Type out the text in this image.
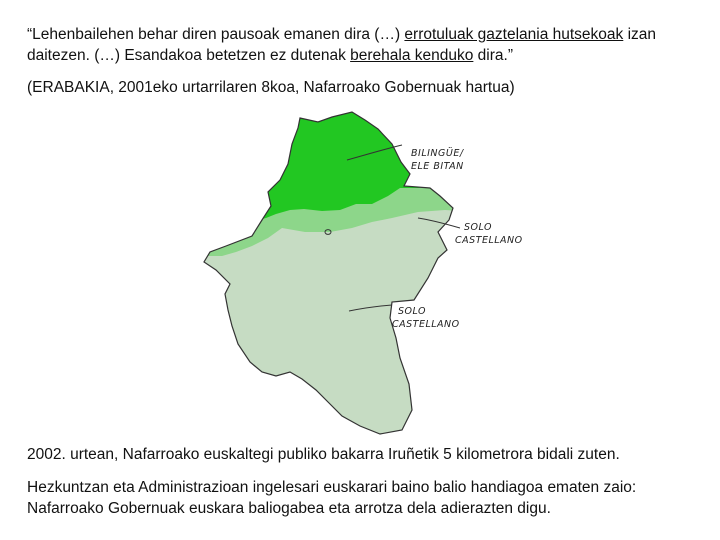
“Lehenbailehen behar diren pausoak emanen dira (…) errotuluak gaztelania hutsekoak izan daitezen. (…) Esandakoa betetzen ez dutenak berehala kenduko dira.”

(ERABAKIA, 2001eko urtarrilaren 8koa, Nafarroako Gobernuak hartua)

BILINGÜE/
ELE BITAN
SOLO
CASTELLANO
SOLO
CASTELLANO

2002. urtean, Nafarroako euskaltegi publiko bakarra Iruñetik 5 kilometrora bidali zuten.

Hezkuntzan eta Administrazioan ingelesari euskarari baino balio handiagoa ematen zaio: Nafarroako Gobernuak euskara baliogabea eta arrotza dela adierazten digu.
